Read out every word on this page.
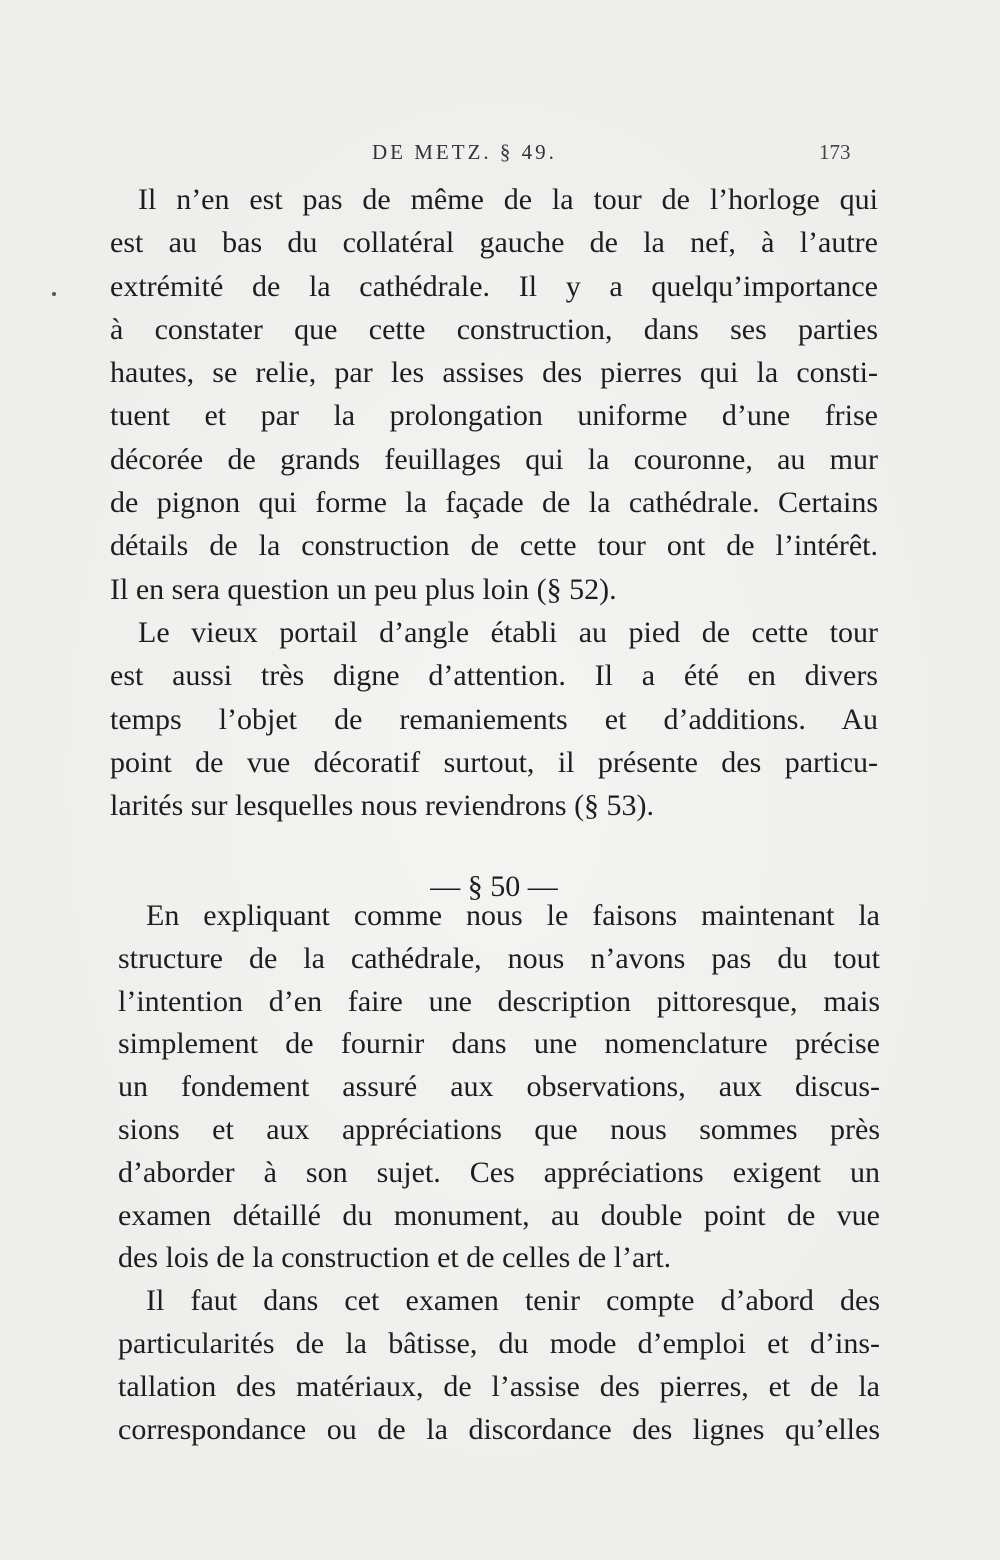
DE METZ. § 49.	173
Il n’en est pas de même de la tour de l’horloge qui
est au bas du collatéral gauche de la nef, à l’autre
extrémité de la cathédrale. Il y a quelqu’importance
à constater que cette construction, dans ses parties
hautes, se relie, par les assises des pierres qui la consti-
tuent et par la prolongation uniforme d’une frise
décorée de grands feuillages qui la couronne, au mur
de pignon qui forme la façade de la cathédrale. Certains
détails de la construction de cette tour ont de l’intérêt.
Il en sera question un peu plus loin (§ 52).
Le vieux portail d’angle établi au pied de cette tour
est aussi très digne d’attention. Il a été en divers
temps l’objet de remaniements et d’additions. Au
point de vue décoratif surtout, il présente des particu-
larités sur lesquelles nous reviendrons (§ 53).
— § 50 —
En expliquant comme nous le faisons maintenant la
structure de la cathédrale, nous n’avons pas du tout
l’intention d’en faire une description pittoresque, mais
simplement de fournir dans une nomenclature précise
un fondement assuré aux observations, aux discus-
sions et aux appréciations que nous sommes près
d’aborder à son sujet. Ces appréciations exigent un
examen détaillé du monument, au double point de vue
des lois de la construction et de celles de l’art.
Il faut dans cet examen tenir compte d’abord des
particularités de la bâtisse, du mode d’emploi et d’ins-
tallation des matériaux, de l’assise des pierres, et de la
correspondance ou de la discordance des lignes qu’elles
